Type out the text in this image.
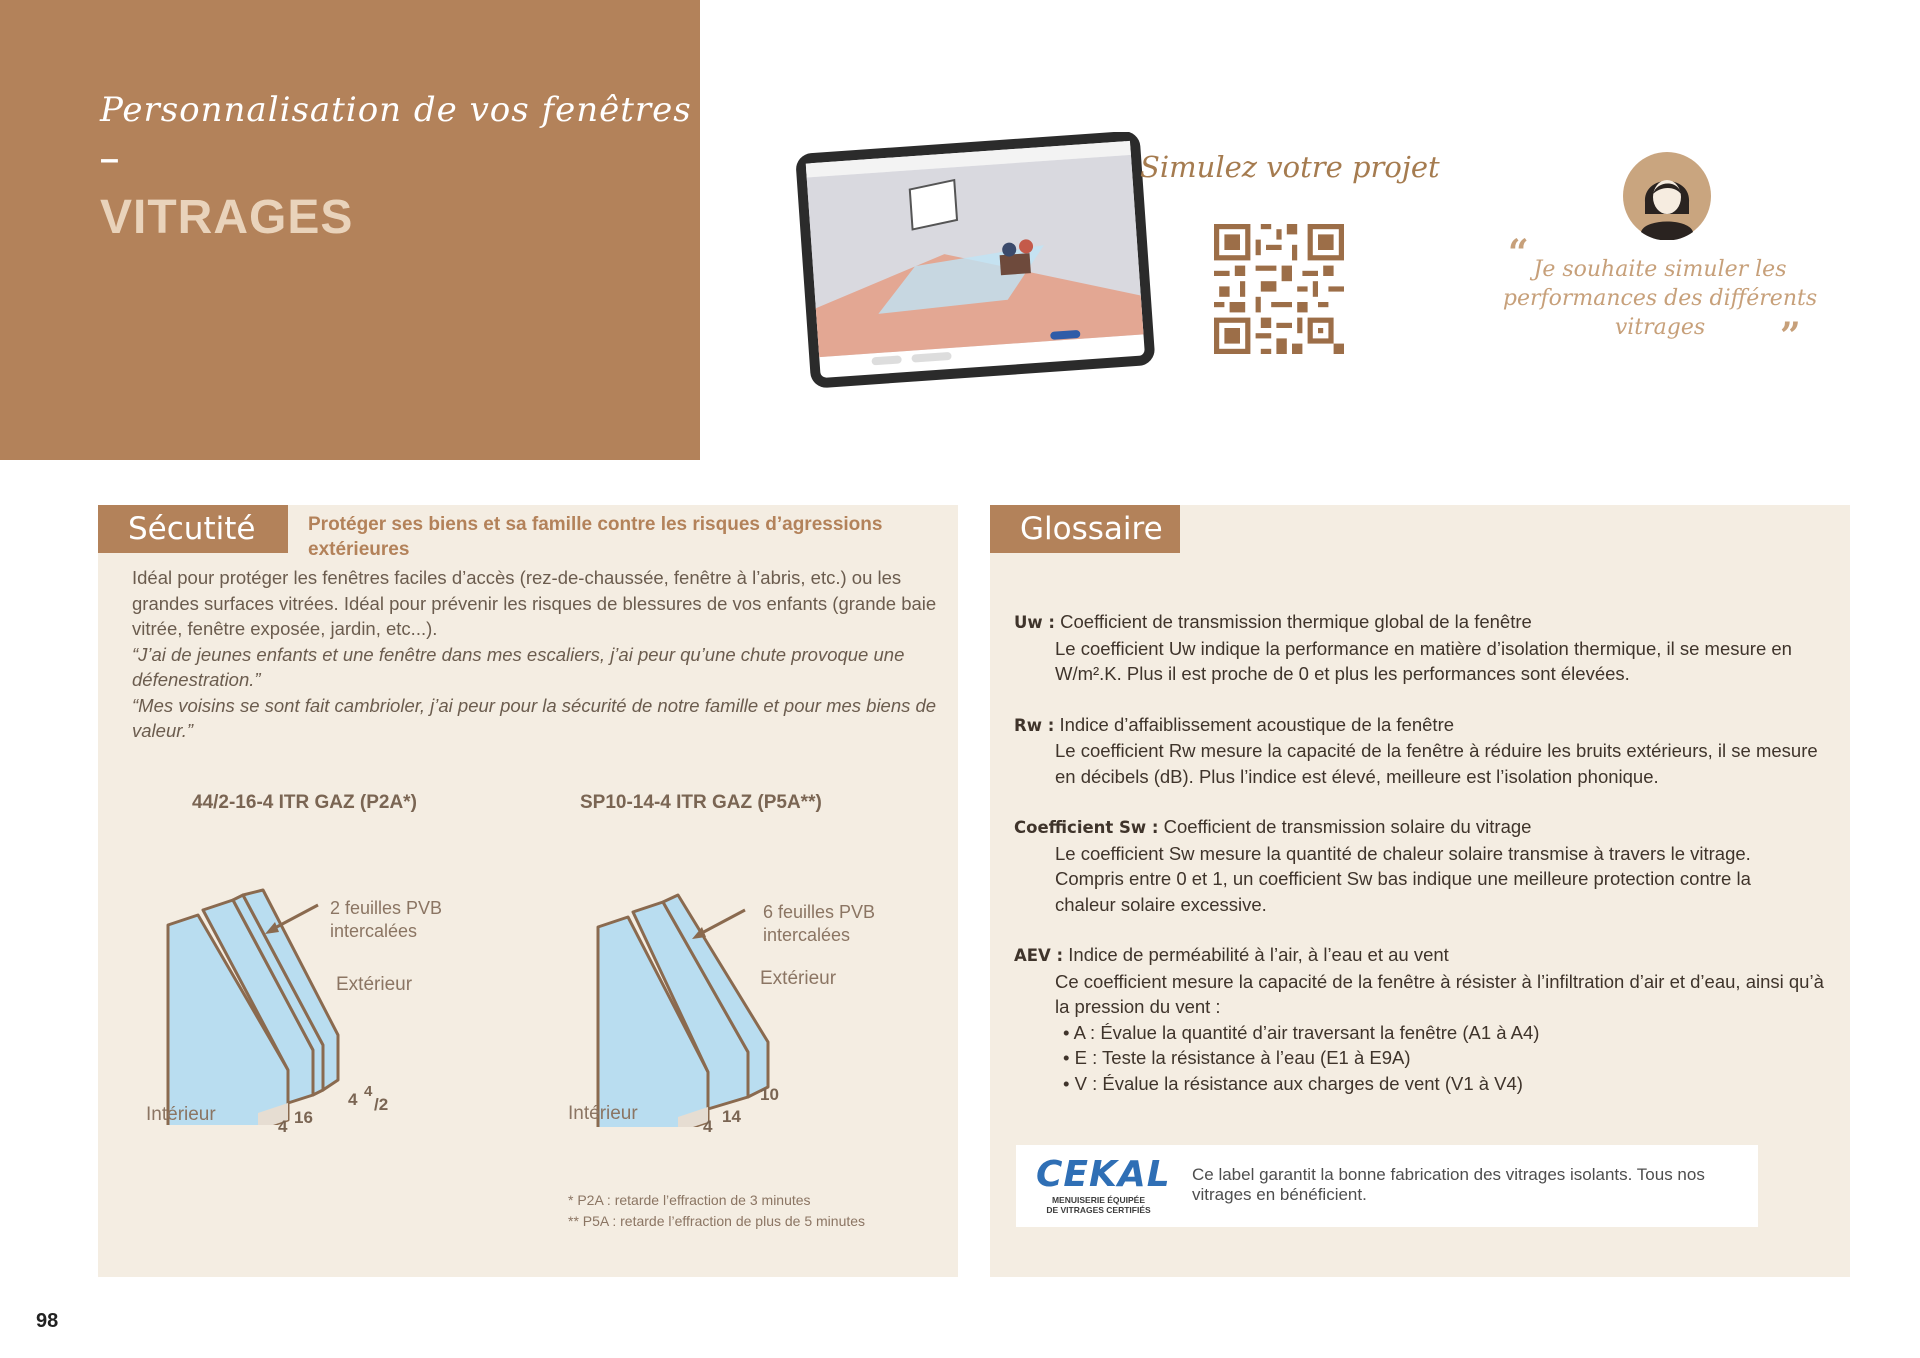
Personnalisation de vos fenêtres
–
VITRAGES
Simulez votre projet
“ Je souhaite simuler les performances des différents vitrages	”
Sécutité	Protéger ses biens et sa famille contre les risques d’agressions extérieures
Idéal pour protéger les fenêtres faciles d’accès (rez-de-chaussée, fenêtre à l’abris, etc.) ou les grandes surfaces vitrées. Idéal pour prévenir les risques de blessures de vos enfants (grande baie vitrée, fenêtre exposée, jardin, etc...).
“J’ai de jeunes enfants et une fenêtre dans mes escaliers, j’ai peur qu’une chute provoque une défenestration.”
“Mes voisins se sont fait cambrioler, j’ai peur pour la sécurité de notre famille et pour mes biens de valeur.”
44/2-16-4 ITR GAZ (P2A*)
2 feuilles PVB
intercalées
Extérieur
Intérieur
4 16
4 4
/2
SP10-14-4 ITR GAZ (P5A**)
6 feuilles PVB
intercalées
Extérieur
Intérieur
4
14
10
* P2A : retarde l’effraction de 3 minutes
** P5A : retarde l’effraction de plus de 5 minutes
Glossaire
Uw : Coefficient de transmission thermique global de la fenêtre
Le coefficient Uw indique la performance en matière d’isolation thermique, il se mesure en W/m².K. Plus il est proche de 0 et plus les performances sont élevées.
Rw : Indice d’affaiblissement acoustique de la fenêtre
Le coefficient Rw mesure la capacité de la fenêtre à réduire les bruits extérieurs, il se mesure en décibels (dB). Plus l’indice est élevé, meilleure est l’isolation phonique.
Coefficient Sw : Coefficient de transmission solaire du vitrage
Le coefficient Sw mesure la quantité de chaleur solaire transmise à travers le vitrage. Compris entre 0 et 1, un coefficient Sw bas indique une meilleure protection contre la chaleur solaire excessive.
AEV : Indice de perméabilité à l’air, à l’eau et au vent
Ce coefficient mesure la capacité de la fenêtre à résister à l’infiltration d’air et d’eau, ainsi qu’à la pression du vent :
• A : Évalue la quantité d’air traversant la fenêtre (A1 à A4)
• E : Teste la résistance à l’eau (E1 à E9A)
• V : Évalue la résistance aux charges de vent (V1 à V4)
CEKAL
MENUISERIE ÉQUIPÉE
DE VITRAGES CERTIFIÉS
Ce label garantit la bonne fabrication des vitrages isolants. Tous nos vitrages en bénéficient.
98
